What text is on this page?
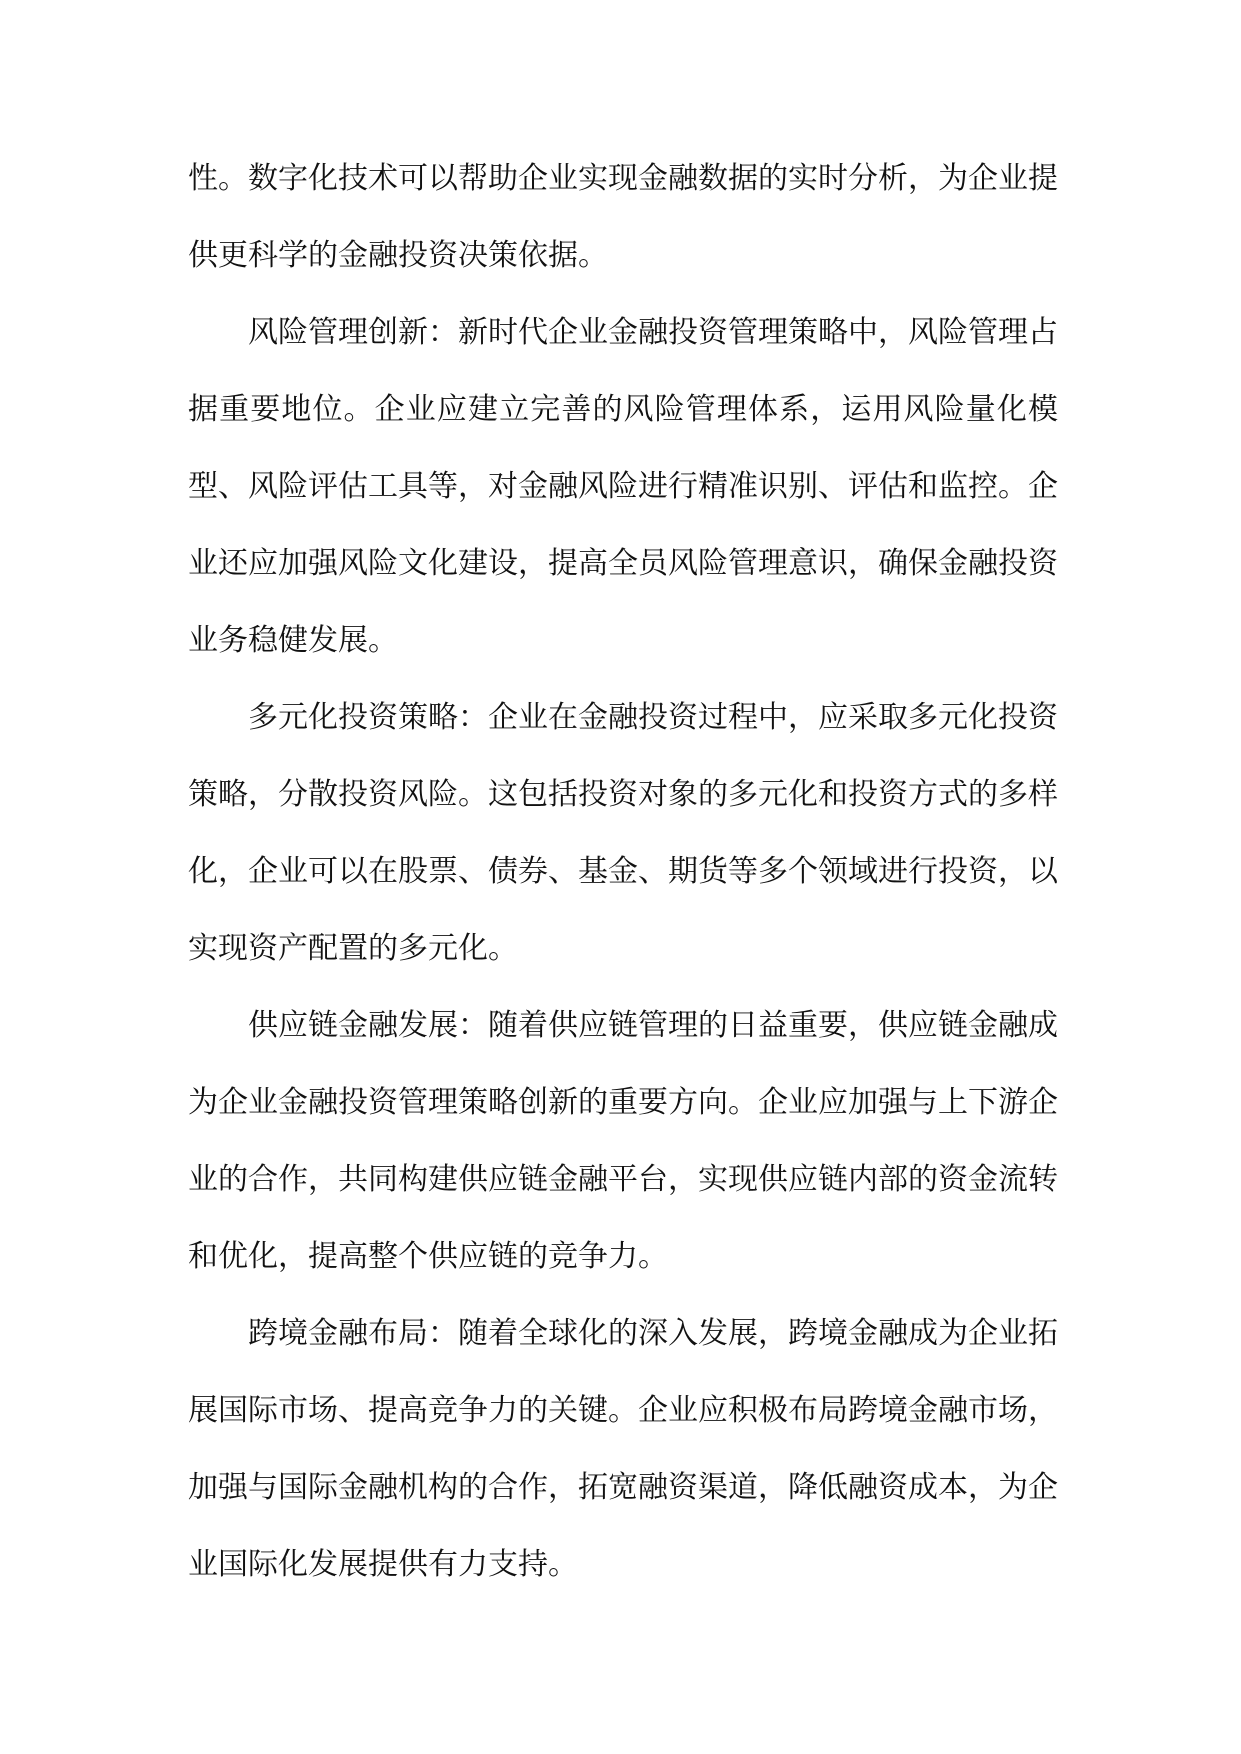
性。数字化技术可以帮助企业实现金融数据的实时分析，为企业提供更科学的金融投资决策依据。

风险管理创新：新时代企业金融投资管理策略中，风险管理占据重要地位。企业应建立完善的风险管理体系，运用风险量化模型、风险评估工具等，对金融风险进行精准识别、评估和监控。企业还应加强风险文化建设，提高全员风险管理意识，确保金融投资业务稳健发展。

多元化投资策略：企业在金融投资过程中，应采取多元化投资策略，分散投资风险。这包括投资对象的多元化和投资方式的多样化，企业可以在股票、债券、基金、期货等多个领域进行投资，以实现资产配置的多元化。

供应链金融发展：随着供应链管理的日益重要，供应链金融成为企业金融投资管理策略创新的重要方向。企业应加强与上下游企业的合作，共同构建供应链金融平台，实现供应链内部的资金流转和优化，提高整个供应链的竞争力。

跨境金融布局：随着全球化的深入发展，跨境金融成为企业拓展国际市场、提高竞争力的关键。企业应积极布局跨境金融市场，加强与国际金融机构的合作，拓宽融资渠道，降低融资成本，为企业国际化发展提供有力支持。
